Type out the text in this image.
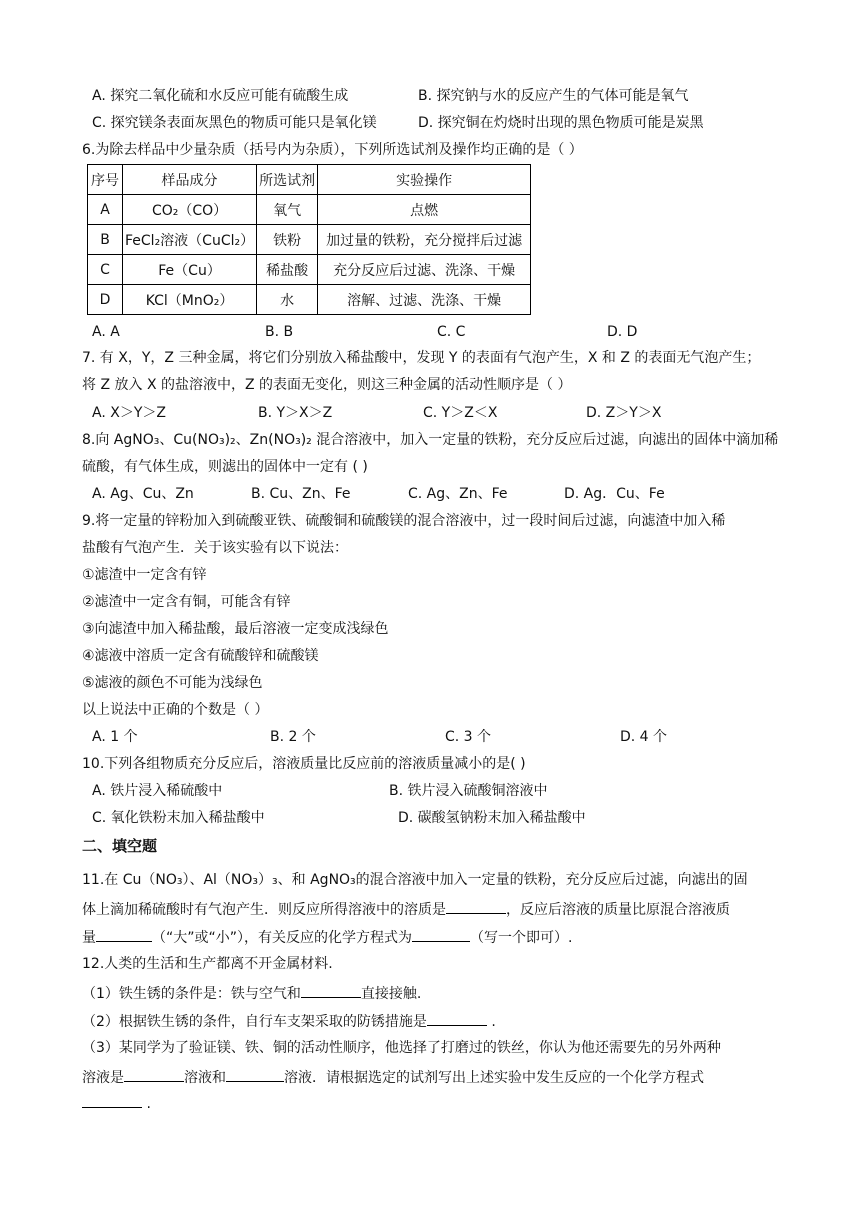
A. 探究二氧化硫和水反应可能有硫酸生成	B. 探究钠与水的反应产生的气体可能是氧气
C. 探究镁条表面灰黑色的物质可能只是氧化镁	D. 探究铜在灼烧时出现的黑色物质可能是炭黑
6.为除去样品中少量杂质（括号内为杂质），下列所选试剂及操作均正确的是（ ）
序号	样品成分	所选试剂	实验操作
A	CO₂（CO）	氧气	点燃
B	FeCl₂溶液（CuCl₂）	铁粉	加过量的铁粉，充分搅拌后过滤
C	Fe（Cu）	稀盐酸	充分反应后过滤、洗涤、干燥
D	KCl（MnO₂）	水	溶解、过滤、洗涤、干燥
A. A	B. B	C. C	D. D
7. 有 X，Y，Z 三种金属，将它们分别放入稀盐酸中，发现 Y 的表面有气泡产生，X 和 Z 的表面无气泡产生；
将 Z 放入 X 的盐溶液中，Z 的表面无变化，则这三种金属的活动性顺序是（ ）
A. X＞Y＞Z	B. Y＞X＞Z	C. Y＞Z＜X	D. Z＞Y＞X
8.向 AgNO₃、Cu(NO₃)₂、Zn(NO₃)₂ 混合溶液中，加入一定量的铁粉，充分反应后过滤，向滤出的固体中滴加稀
硫酸，有气体生成，则滤出的固体中一定有 ( )
A. Ag、Cu、Zn	B. Cu、Zn、Fe	C. Ag、Zn、Fe	D. Ag．Cu、Fe
9.将一定量的锌粉加入到硫酸亚铁、硫酸铜和硫酸镁的混合溶液中，过一段时间后过滤，向滤渣中加入稀
盐酸有气泡产生．关于该实验有以下说法：
①滤渣中一定含有锌
②滤渣中一定含有铜，可能含有锌
③向滤渣中加入稀盐酸，最后溶液一定变成浅绿色
④滤液中溶质一定含有硫酸锌和硫酸镁
⑤滤液的颜色不可能为浅绿色
以上说法中正确的个数是（ ）
A. 1 个	B. 2 个	C. 3 个	D. 4 个
10.下列各组物质充分反应后，溶液质量比反应前的溶液质量减小的是( )
A. 铁片浸入稀硫酸中	B. 铁片浸入硫酸铜溶液中
C. 氧化铁粉末加入稀盐酸中	D. 碳酸氢钠粉末加入稀盐酸中
二、填空题
11.在 Cu（NO₃）、Al（NO₃）₃、和 AgNO₃的混合溶液中加入一定量的铁粉，充分反应后过滤，向滤出的固
体上滴加稀硫酸时有气泡产生．则反应所得溶液中的溶质是	，反应后溶液的质量比原混合溶液质
量	（“大”或“小”），有关反应的化学方程式为	（写一个即可）.
12.人类的生活和生产都离不开金属材料.
（1）铁生锈的条件是：铁与空气和	直接接触.
（2）根据铁生锈的条件，自行车支架采取的防锈措施是	.
（3）某同学为了验证镁、铁、铜的活动性顺序，他选择了打磨过的铁丝，你认为他还需要先的另外两种
溶液是	溶液和	溶液．请根据选定的试剂写出上述实验中发生反应的一个化学方程式
.
